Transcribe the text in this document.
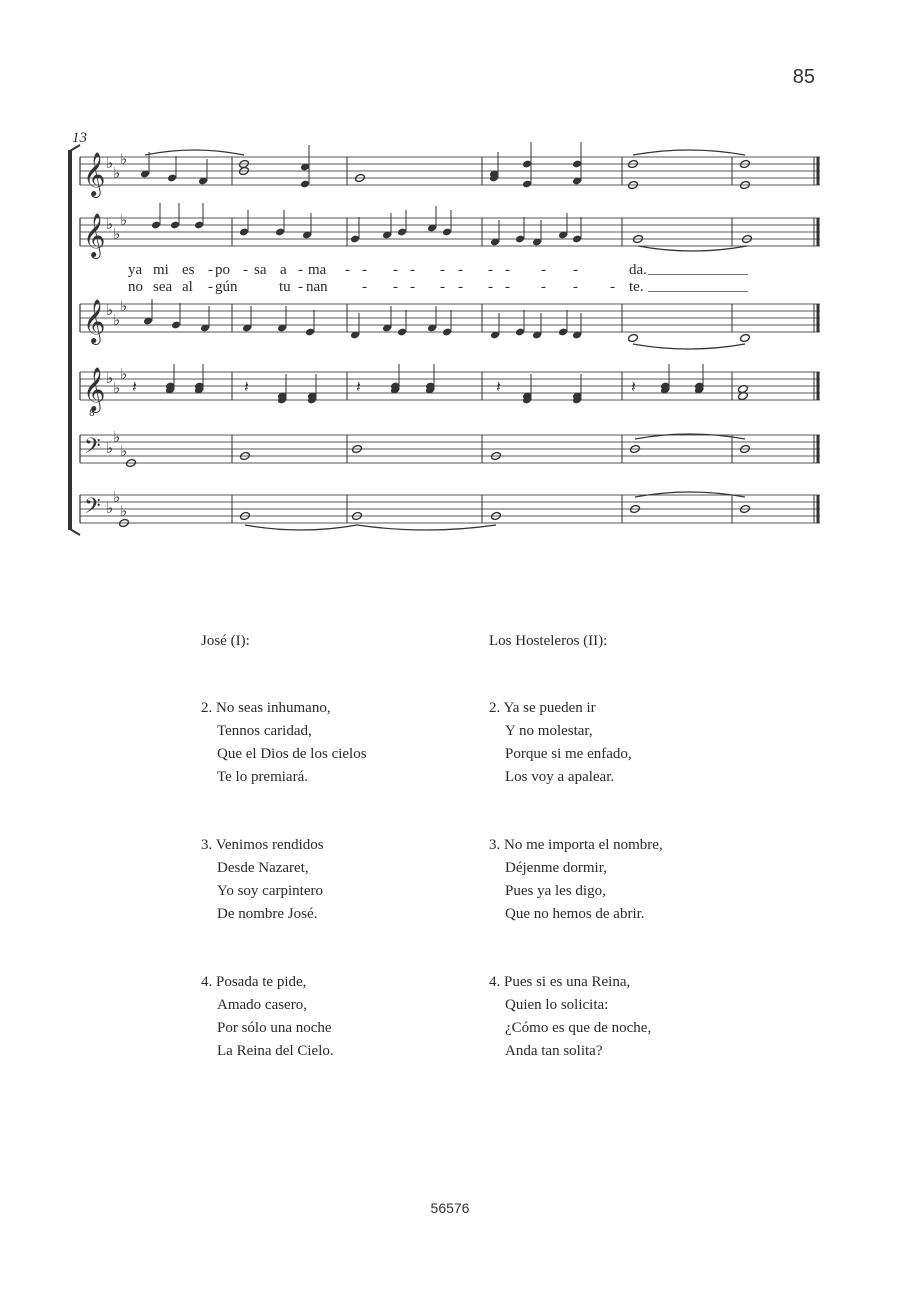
85
13
𝄞 ♭
♭
♭
𝄞 ♭
♭
♭
𝄞 ♭
♭
♭
𝄞
8
♭
♭
♭
𝄢 ♭
♭
♭
𝄢 ♭
♭
♭
𝄽	𝄽	𝄽	𝄽	𝄽
ya mi es - po - sa a - ma - - - - - - - - - -	da.
no sea al - gún	tu - nan - - - - - - - - - - te.
José (I):
2. No seas inhumano,
Tennos caridad,
Que el Dios de los cielos
Te lo premiará.
3. Venimos rendidos
Desde Nazaret,
Yo soy carpintero
De nombre José.
4. Posada te pide,
Amado casero,
Por sólo una noche
La Reina del Cielo.
Los Hosteleros (II):
2. Ya se pueden ir
Y no molestar,
Porque si me enfado,
Los voy a apalear.
3. No me importa el nombre,
Déjenme dormir,
Pues ya les digo,
Que no hemos de abrir.
4. Pues si es una Reina,
Quien lo solicita:
¿Cómo es que de noche,
Anda tan solita?
56576
